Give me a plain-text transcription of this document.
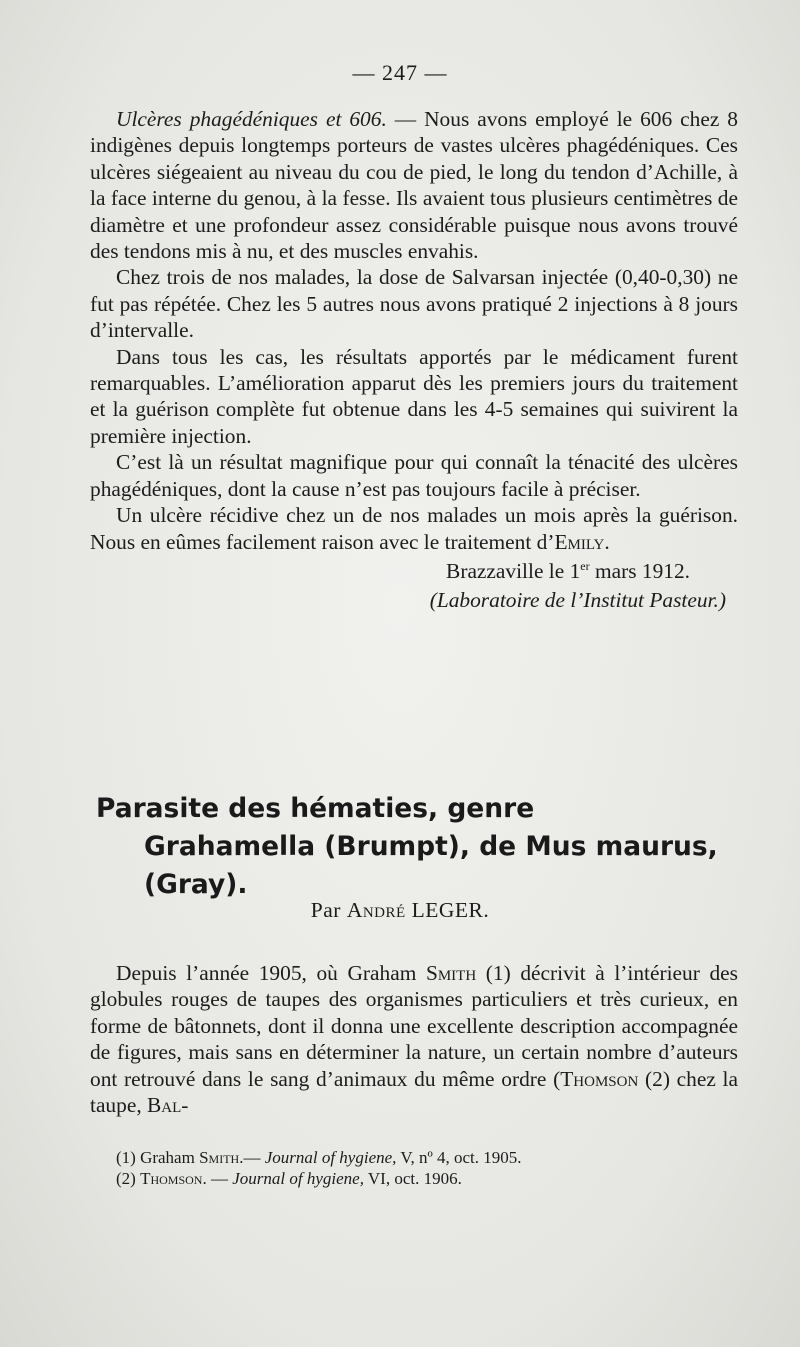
— 247 —

Ulcères phagédéniques et 606. — Nous avons employé le 606 chez 8 indigènes depuis longtemps porteurs de vastes ulcères phagédéniques. Ces ulcères siégeaient au niveau du cou de pied, le long du tendon d’Achille, à la face interne du genou, à la fesse. Ils avaient tous plusieurs centimètres de diamètre et une profondeur assez considérable puisque nous avons trouvé des tendons mis à nu, et des muscles envahis.

Chez trois de nos malades, la dose de Salvarsan injectée (0,40-0,30) ne fut pas répétée. Chez les 5 autres nous avons pratiqué 2 injections à 8 jours d’intervalle.

Dans tous les cas, les résultats apportés par le médicament furent remarquables. L’amélioration apparut dès les premiers jours du traitement et la guérison complète fut obtenue dans les 4-5 semaines qui suivirent la première injection.

C’est là un résultat magnifique pour qui connaît la ténacité des ulcères phagédéniques, dont la cause n’est pas toujours facile à préciser.

Un ulcère récidive chez un de nos malades un mois après la guérison. Nous en eûmes facilement raison avec le traitement d’Emily.

Brazzaville le 1er mars 1912.
(Laboratoire de l’Institut Pasteur.)
Parasite des hématies, genre
Grahamella (Brumpt), de Mus maurus, (Gray).
Par André LEGER.

Depuis l’année 1905, où Graham Smith (1) décrivit à l’intérieur des globules rouges de taupes des organismes particuliers et très curieux, en forme de bâtonnets, dont il donna une excellente description accompagnée de figures, mais sans en déterminer la nature, un certain nombre d’auteurs ont retrouvé dans le sang d’animaux du même ordre (Thomson (2) chez la taupe, Bal-

(1) Graham Smith.— Journal of hygiene, V, nº 4, oct. 1905.

(2) Thomson. — Journal of hygiene, VI, oct. 1906.
